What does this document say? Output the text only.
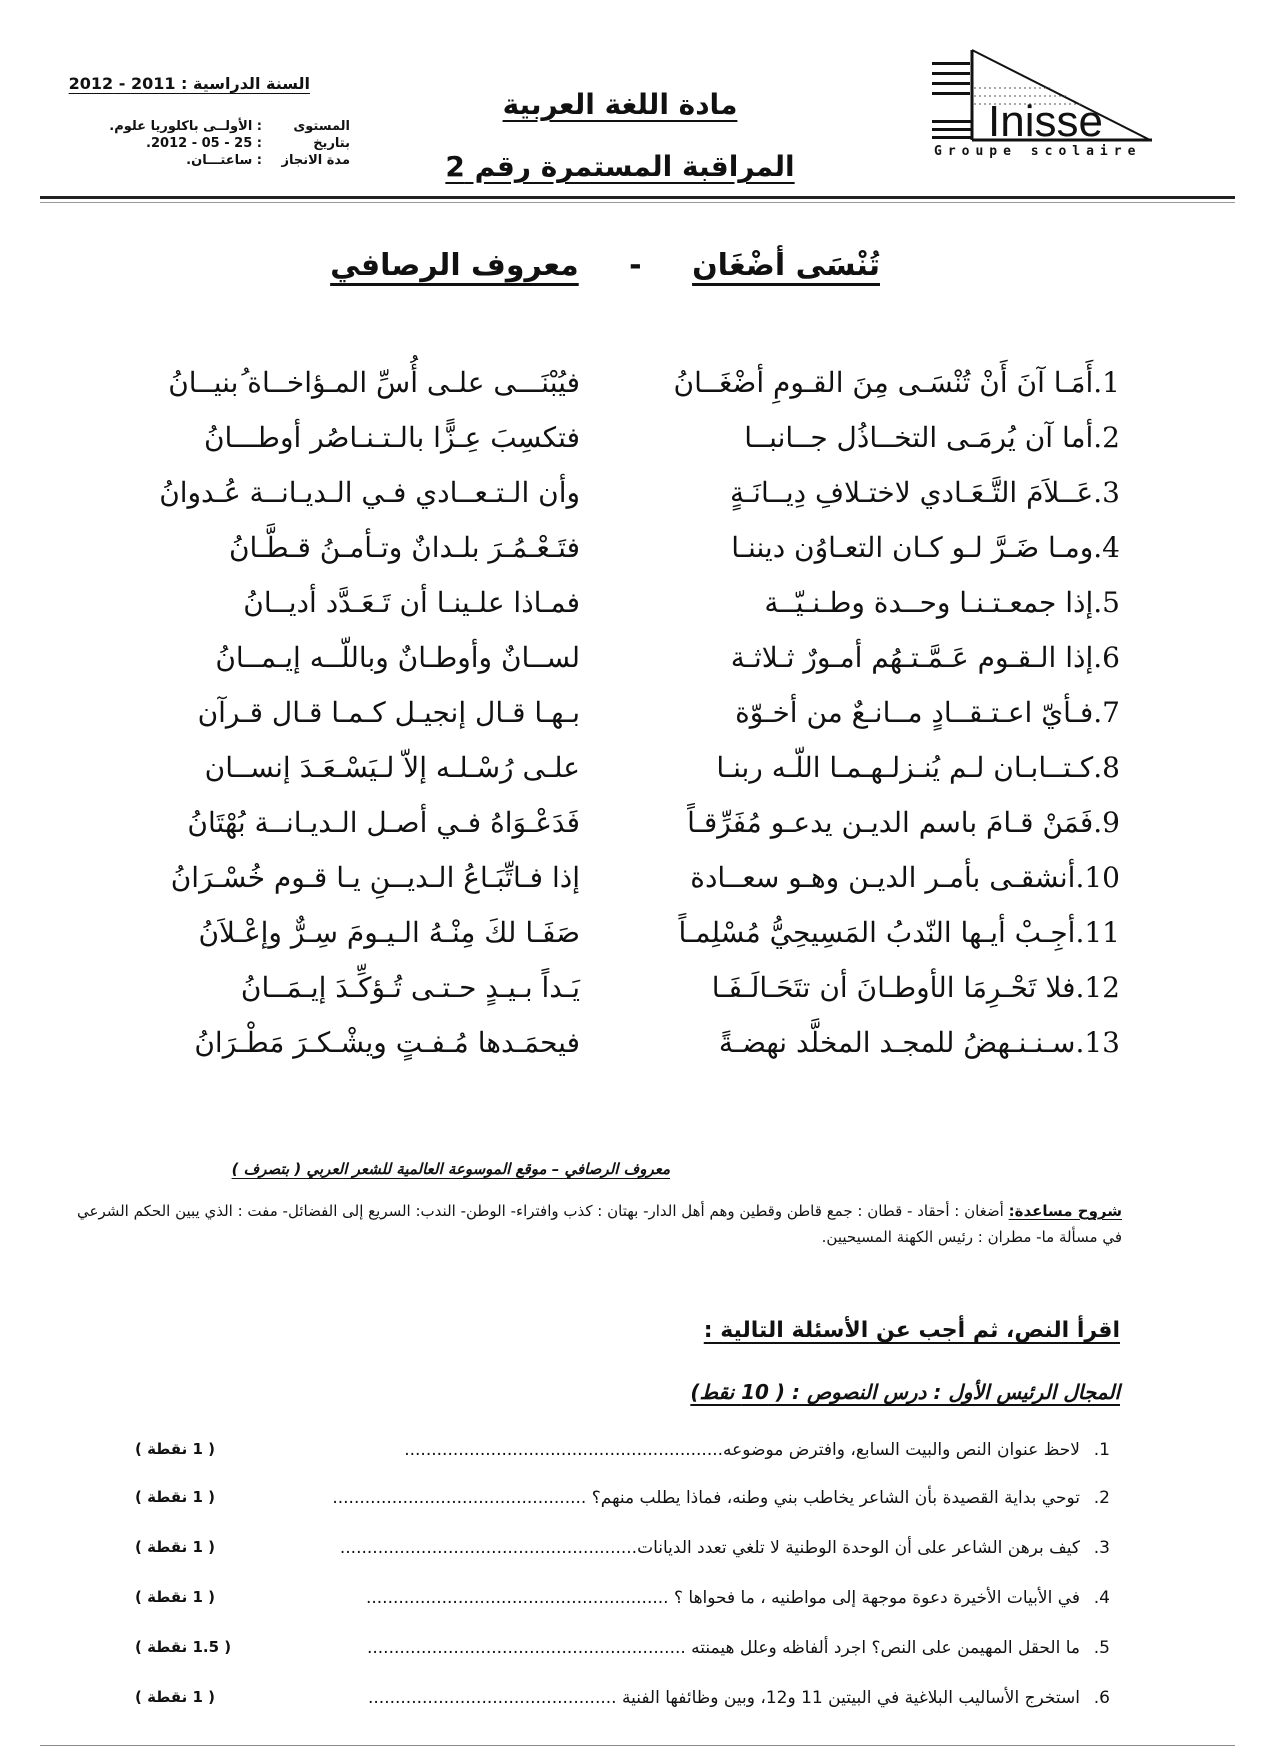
Inisse
Groupe scolaire
مادة اللغة العربية
المراقبة المستمرة رقم 2
السنة الدراسية : 2011 - 2012
المستوى
: الأولــى باكلوريا علوم.
بتاريخ
: 25 - 05 - 2012.
مدة الانجاز
: ساعتـــان.
تُنْسَى أضْغَان - معروف الرصافي
1.أَمَـا آنَ أَنْ تُنْسَـى مِنَ القـومِ أضْغَــانُ
فيُبْنَـــى علـى أُسِّ المـؤاخــاة ُبنيــانُ
2.أما آن يُرمَـى التخــاذُل جــانبــا
فتكسِبَ عِـزًّا بالـتـنـاصُر أوطـــانُ
3.عَــلاَمَ التَّـعَـادي لاختـلافِ دِيــانَـةٍ
وأن الـتـعــادي فـي الـديـانــة عُـدوانُ
4.ومـا ضَـرَّ لـو كـان التعـاوُن ديننـا
فتَـعْـمُـرَ بلـدانٌ وتـأمـنُ قـطَّـانُ
5.إذا جمعـتـنـا وحــدة وطـنـيّــة
فمـاذا علـينـا أن تَـعَـدَّد أديــانُ
6.إذا الـقـوم عَـمَّـتـهُم أمـورٌ ثـلاثـة
لســانٌ وأوطـانٌ وباللّــه إيـمــانُ
7.فـأيّ اعـتـقــادٍ مــانـعٌ من أخـوّة
بـهـا قـال إنجيـل كـمـا قـال قـرآن
8.كـتــابـان لـم يُنـزلـهـمـا اللّـه ربنـا
علـى رُسْـلـه إلاّ لـيَسْـعَـدَ إنســان
9.فَمَنْ قـامَ باسم الديـن يدعـو مُفَرِّقـاً
فَدَعْـوَاهُ فـي أصـل الـديـانــة بُهْتَانُ
10.أنشقـى بأمـر الديـن وهـو سعــادة
إذا فـاتِّبَـاعُ الـديــنِ يـا قـوم خُسْـرَانُ
11.أجِـبْ أيـها النّدبُ المَسِيحِيُّ مُسْلِمـاً
صَفَـا لكَ مِنْـهُ الـيـومَ سِـرٌّ وإعْـلاَنُ
12.فلا تَحْـرِمَا الأوطـانَ أن تتَحَـالَـفَـا
يَـداً بـيـدٍ حـتـى تُـؤكِّـدَ إيـمَــانُ
13.سـنـنـهضُ للمجـد المخلَّد نهضـةً
فيحمَـدها مُـفـتٍ ويشْـكـرَ مَطْـرَانُ
معروف الرصافي – موقع الموسوعة العالمية للشعر العربي ( بتصرف )
شروح مساعدة: أضغان : أحقاد - قطان : جمع قاطن وقطين وهم أهل الدار- بهتان : كذب وافتراء- الوطن- الندب: السريع إلى الفضائل- مفت : الذي يبين الحكم الشرعي في مسألة ما- مطران : رئيس الكهنة المسيحيين.
اقرأ النص، ثم أجب عن الأسئلة التالية :
المجال الرئيس الأول : درس النصوص : ( 10 نقط)
1.
لاحظ عنوان النص والبيت السابع، وافترض موضوعه...........................................................
( 1 نقطة )
2.
توحي بداية القصيدة بأن الشاعر يخاطب بني وطنه، فماذا يطلب منهم؟ ...............................................
( 1 نقطة )
3.
كيف برهن الشاعر على أن الوحدة الوطنية لا تلغي تعدد الديانات.......................................................
( 1 نقطة )
4.
في الأبيات الأخيرة دعوة موجهة إلى مواطنيه ، ما فحواها ؟ ........................................................
( 1 نقطة )
5.
ما الحقل المهيمن على النص؟ اجرد ألفاظه وعلل هيمنته ...........................................................
( 1.5 نقطة )
6.
استخرج الأساليب البلاغية في البيتين 11 و12، وبين وظائفها الفنية ..............................................
( 1 نقطة )
